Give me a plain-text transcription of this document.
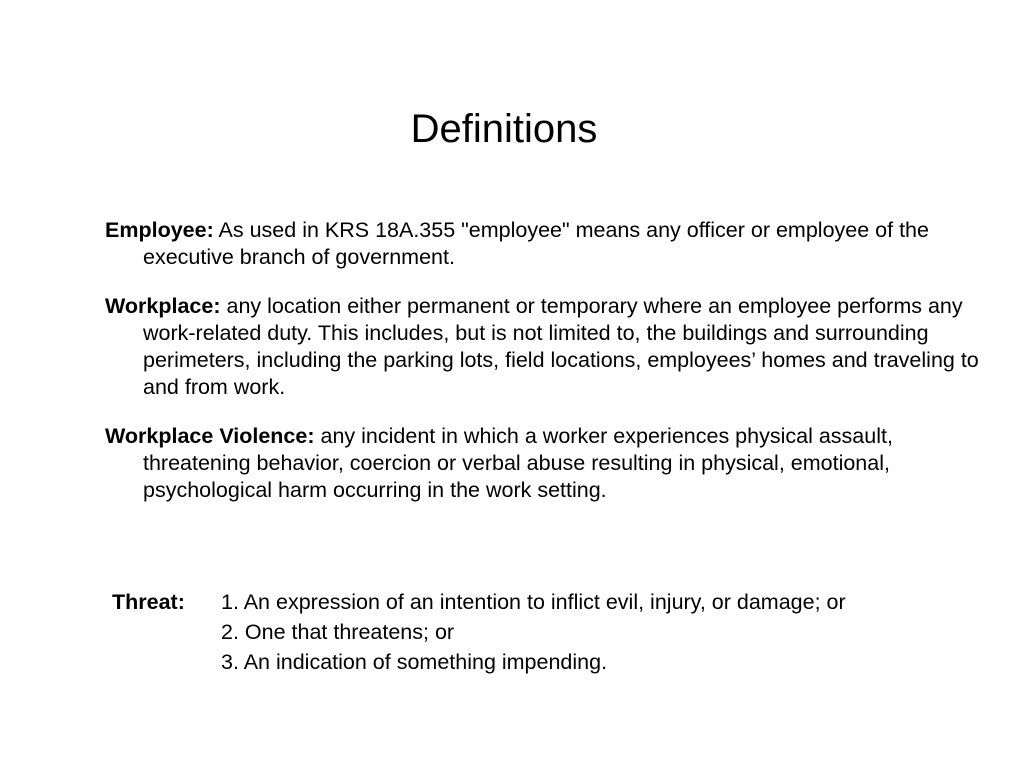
Definitions

Employee: As used in KRS 18A.355 "employee" means any officer or employee of the executive branch of government.

Workplace: any location either permanent or temporary where an employee performs any work-related duty. This includes, but is not limited to, the buildings and surrounding perimeters, including the parking lots, field locations, employees’ homes and traveling to and from work.

Workplace Violence: any incident in which a worker experiences physical assault, threatening behavior, coercion or verbal abuse resulting in physical, emotional, psychological harm occurring in the work setting.

Threat: 1. An expression of an intention to inflict evil, injury, or damage; or
2. One that threatens; or
3. An indication of something impending.
